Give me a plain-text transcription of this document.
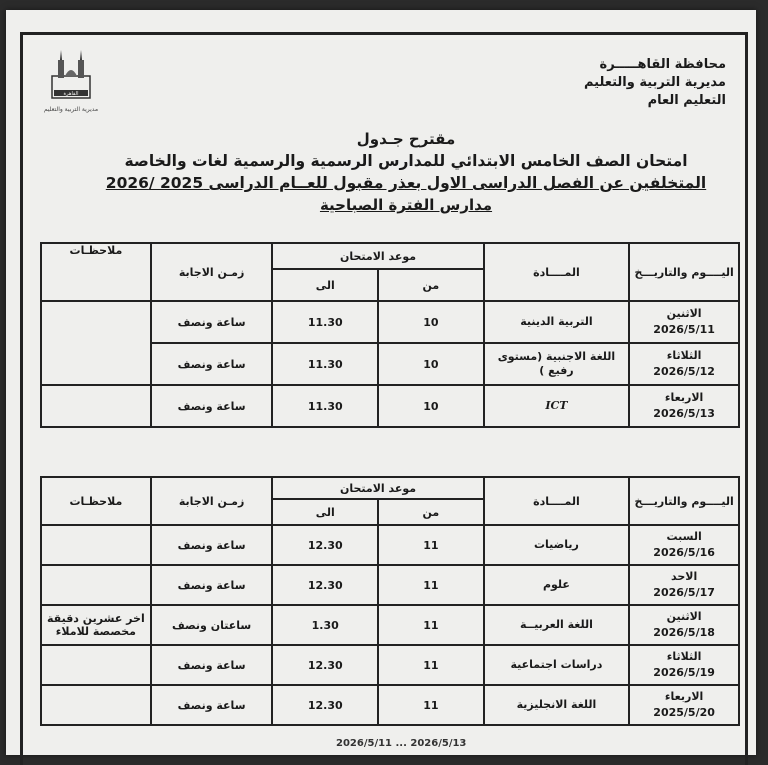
القاهرة
مديرية التربية والتعليم
محافظة القاهـــــرة
مديرية التربية والتعليم
التعليم العام
مقترح جـدول
امتحان الصف الخامس الابتدائي للمدارس الرسمية والرسمية لغات والخاصة
المتخلفين عن الفصل الدراسى الاول بعذر مقبول للعــام الدراسى 2025 /2026
مدارس الفترة الصباحية
اليــــوم والتاريـــخ	المــــادة	موعد الامتحان		زمـن الاجابة	ملاحظـات
		من	الى		

الاثنين
2026/5/11	التربية الدينية	10	11.30	ساعة ونصف	

الثلاثاء
2026/5/12	اللغة الاجنبية (مستوى رفيع )	10	11.30	ساعة ونصف	

الاربعاء
2026/5/13	ICT	10	11.30	ساعة ونصف	
اليــــوم والتاريـــخ	المــــادة	موعد الامتحان		زمـن الاجابة	ملاحظـات
		من	الى		

السبت
2026/5/16	رياضيات	11	12.30	ساعة ونصف	

الاحد
2026/5/17	علوم	11	12.30	ساعة ونصف	

الاثنين
2026/5/18	اللغة العربيــة	11	1.30	ساعتان ونصف	اخر عشرين دقيقة مخصصة للاملاء

الثلاثاء
2026/5/19	دراسات اجتماعية	11	12.30	ساعة ونصف	

الاربعاء
2025/5/20	اللغة الانجليزية	11	12.30	ساعة ونصف	
2026/5/13 ... 2026/5/11
